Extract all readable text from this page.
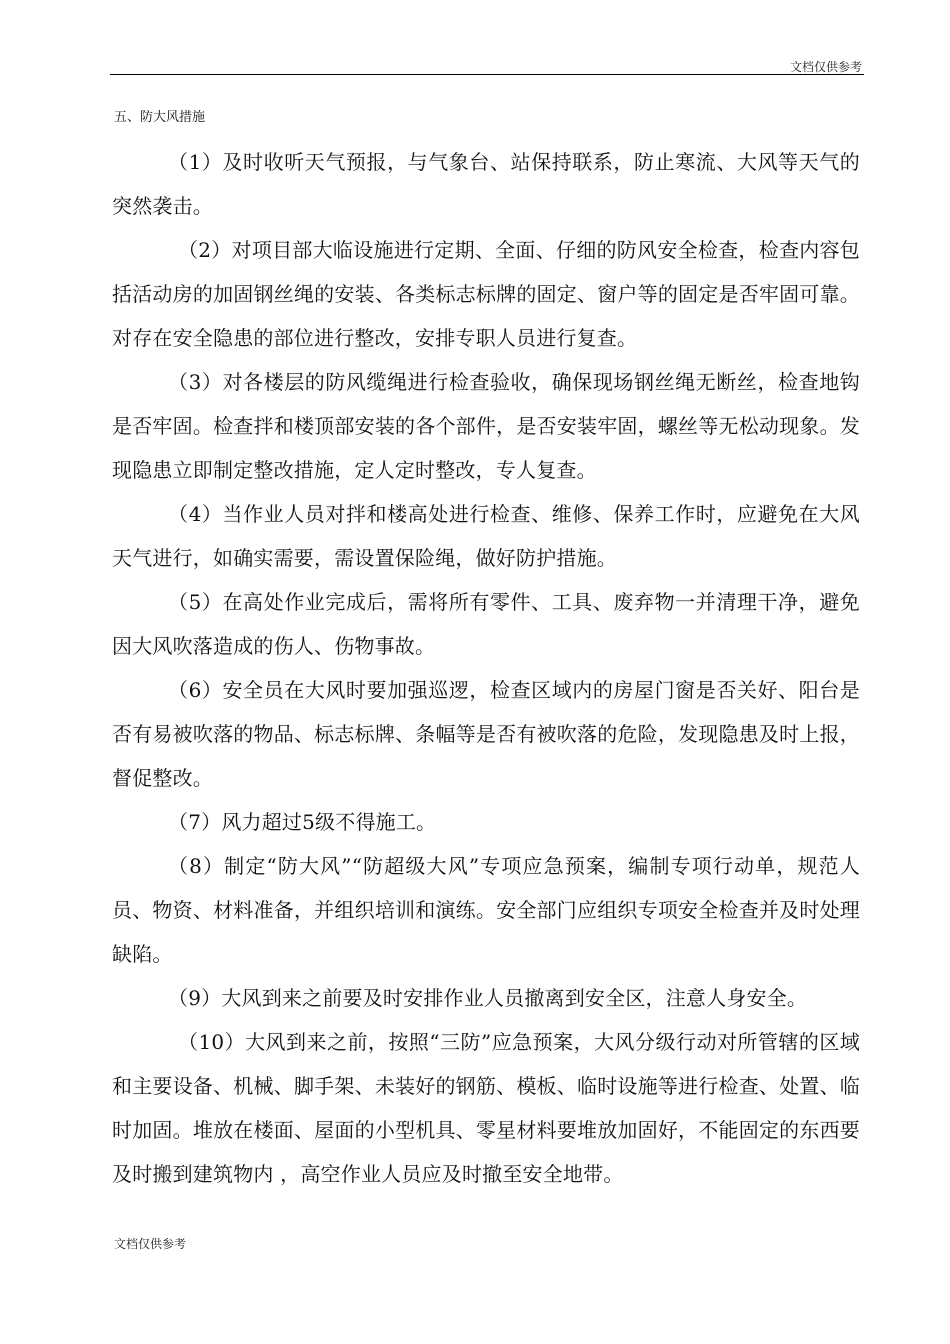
文档仅供参考
五、防大风措施

（1）及时收听天气预报，与气象台、站保持联系，防止寒流、大风等天气的突然袭击。

（2）对项目部大临设施进行定期、全面、仔细的防风安全检查，检查内容包括活动房的加固钢丝绳的安装、各类标志标牌的固定、窗户等的固定是否牢固可靠。对存在安全隐患的部位进行整改，安排专职人员进行复查。

（3）对各楼层的防风缆绳进行检查验收，确保现场钢丝绳无断丝，检查地钩是否牢固。检查拌和楼顶部安装的各个部件，是否安装牢固，螺丝等无松动现象。发现隐患立即制定整改措施，定人定时整改，专人复查。

（4）当作业人员对拌和楼高处进行检查、维修、保养工作时，应避免在大风天气进行，如确实需要，需设置保险绳，做好防护措施。

（5）在高处作业完成后，需将所有零件、工具、废弃物一并清理干净，避免因大风吹落造成的伤人、伤物事故。

（6）安全员在大风时要加强巡逻，检查区域内的房屋门窗是否关好、阳台是否有易被吹落的物品、标志标牌、条幅等是否有被吹落的危险，发现隐患及时上报，督促整改。

（7）风力超过5级不得施工。

（8）制定“防大风”“防超级大风”专项应急预案，编制专项行动单，规范人员、物资、材料准备，并组织培训和演练。安全部门应组织专项安全检查并及时处理缺陷。

（9）大风到来之前要及时安排作业人员撤离到安全区，注意人身安全。

（10）大风到来之前，按照“三防”应急预案，大风分级行动对所管辖的区域和主要设备、机械、脚手架、未装好的钢筋、模板、临时设施等进行检查、处置、临时加固。堆放在楼面、屋面的小型机具、零星材料要堆放加固好，不能固定的东西要及时搬到建筑物内 ，高空作业人员应及时撤至安全地带。

文档仅供参考
